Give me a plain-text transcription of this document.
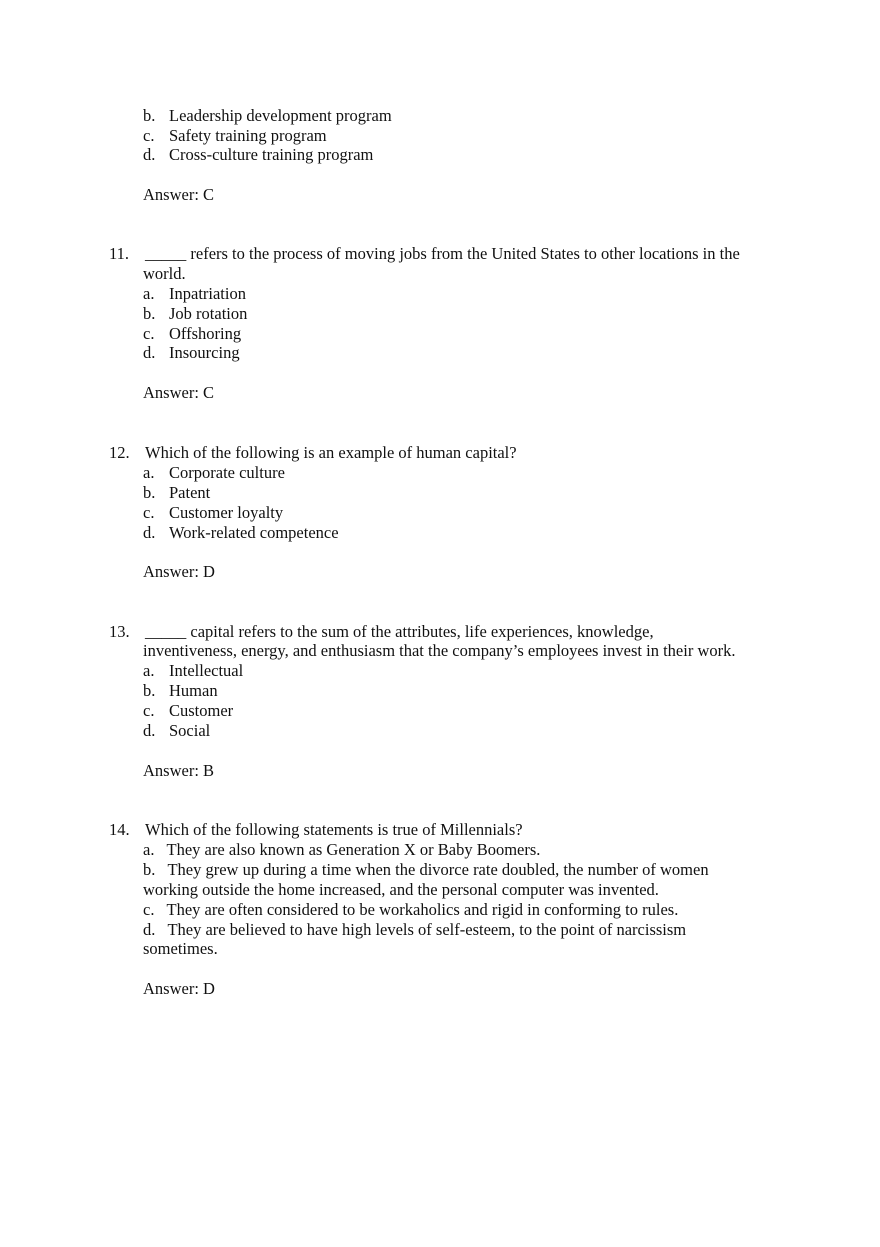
b. Leadership development program
c. Safety training program
d. Cross-culture training program
Answer: C
11. _____ refers to the process of moving jobs from the United States to other locations in the
world.
a. Inpatriation
b. Job rotation
c. Offshoring
d. Insourcing
Answer: C
12. Which of the following is an example of human capital?
a. Corporate culture
b. Patent
c. Customer loyalty
d. Work-related competence
Answer: D
13. _____ capital refers to the sum of the attributes, life experiences, knowledge,
inventiveness, energy, and enthusiasm that the company’s employees invest in their work.
a. Intellectual
b. Human
c. Customer
d. Social
Answer: B
14. Which of the following statements is true of Millennials?
a.   They are also known as Generation X or Baby Boomers.
b.   They grew up during a time when the divorce rate doubled, the number of women
working outside the home increased, and the personal computer was invented.
c.   They are often considered to be workaholics and rigid in conforming to rules.
d.   They are believed to have high levels of self-esteem, to the point of narcissism
sometimes.
Answer: D
